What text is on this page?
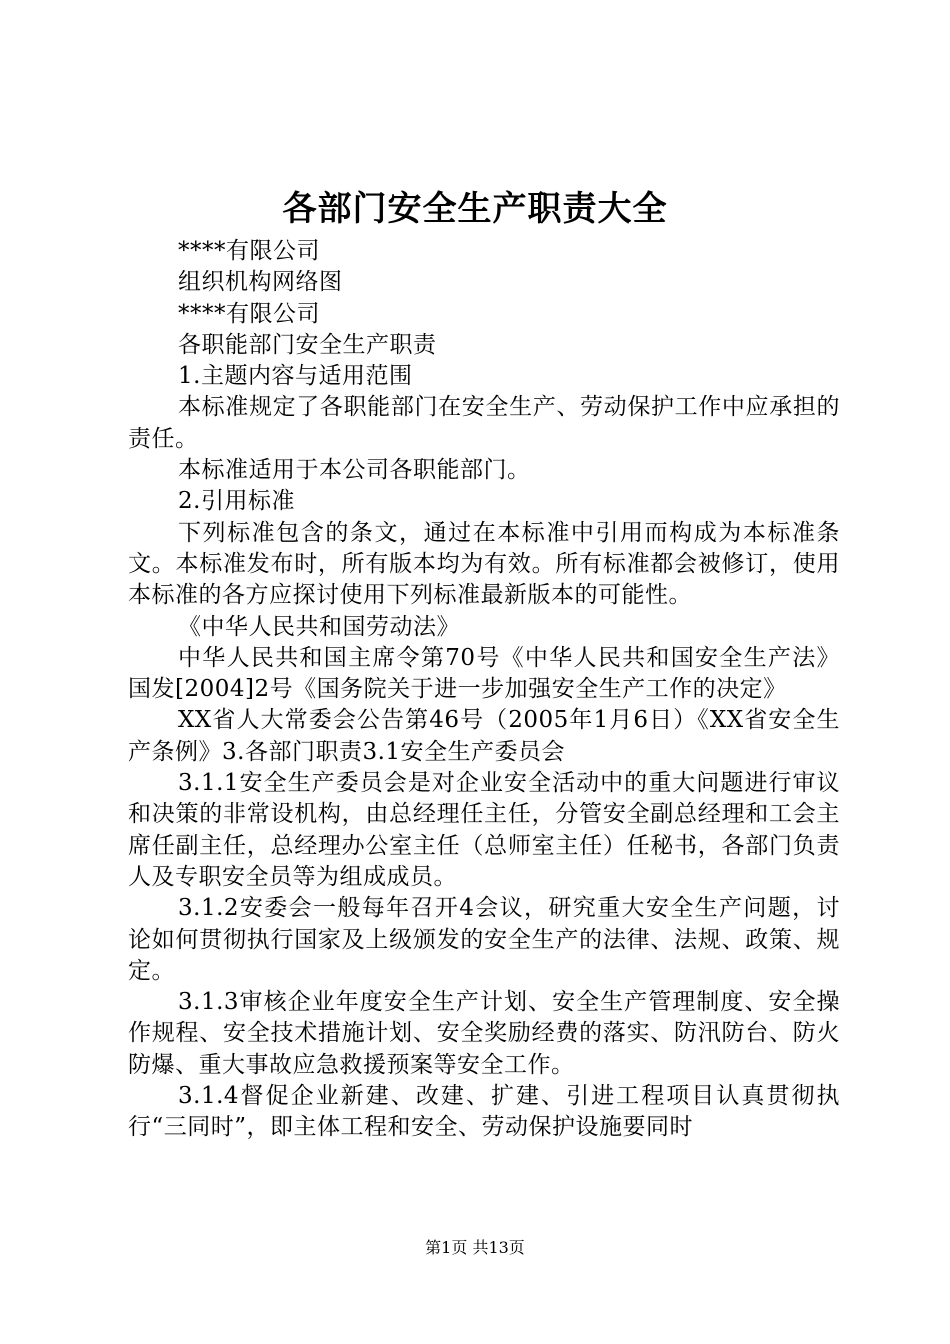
各部门安全生产职责大全

****有限公司

组织机构网络图

****有限公司

各职能部门安全生产职责

1.主题内容与适用范围

本标准规定了各职能部门在安全生产、劳动保护工作中应承担的责任。

本标准适用于本公司各职能部门。

2.引用标准

下列标准包含的条文，通过在本标准中引用而构成为本标准条文。本标准发布时，所有版本均为有效。所有标准都会被修订，使用本标准的各方应探讨使用下列标准最新版本的可能性。

《中华人民共和国劳动法》

中华人民共和国主席令第70号《中华人民共和国安全生产法》国发[2004]2号《国务院关于进一步加强安全生产工作的决定》

XX省人大常委会公告第46号（2005年1月6日）《XX省安全生产条例》3.各部门职责3.1安全生产委员会

3.1.1安全生产委员会是对企业安全活动中的重大问题进行审议和决策的非常设机构，由总经理任主任，分管安全副总经理和工会主席任副主任，总经理办公室主任（总师室主任）任秘书，各部门负责人及专职安全员等为组成成员。

3.1.2安委会一般每年召开4会议，研究重大安全生产问题，讨论如何贯彻执行国家及上级颁发的安全生产的法律、法规、政策、规定。

3.1.3审核企业年度安全生产计划、安全生产管理制度、安全操作规程、安全技术措施计划、安全奖励经费的落实、防汛防台、防火防爆、重大事故应急救援预案等安全工作。

3.1.4督促企业新建、改建、扩建、引进工程项目认真贯彻执行“三同时”，即主体工程和安全、劳动保护设施要同时

第1页 共13页
